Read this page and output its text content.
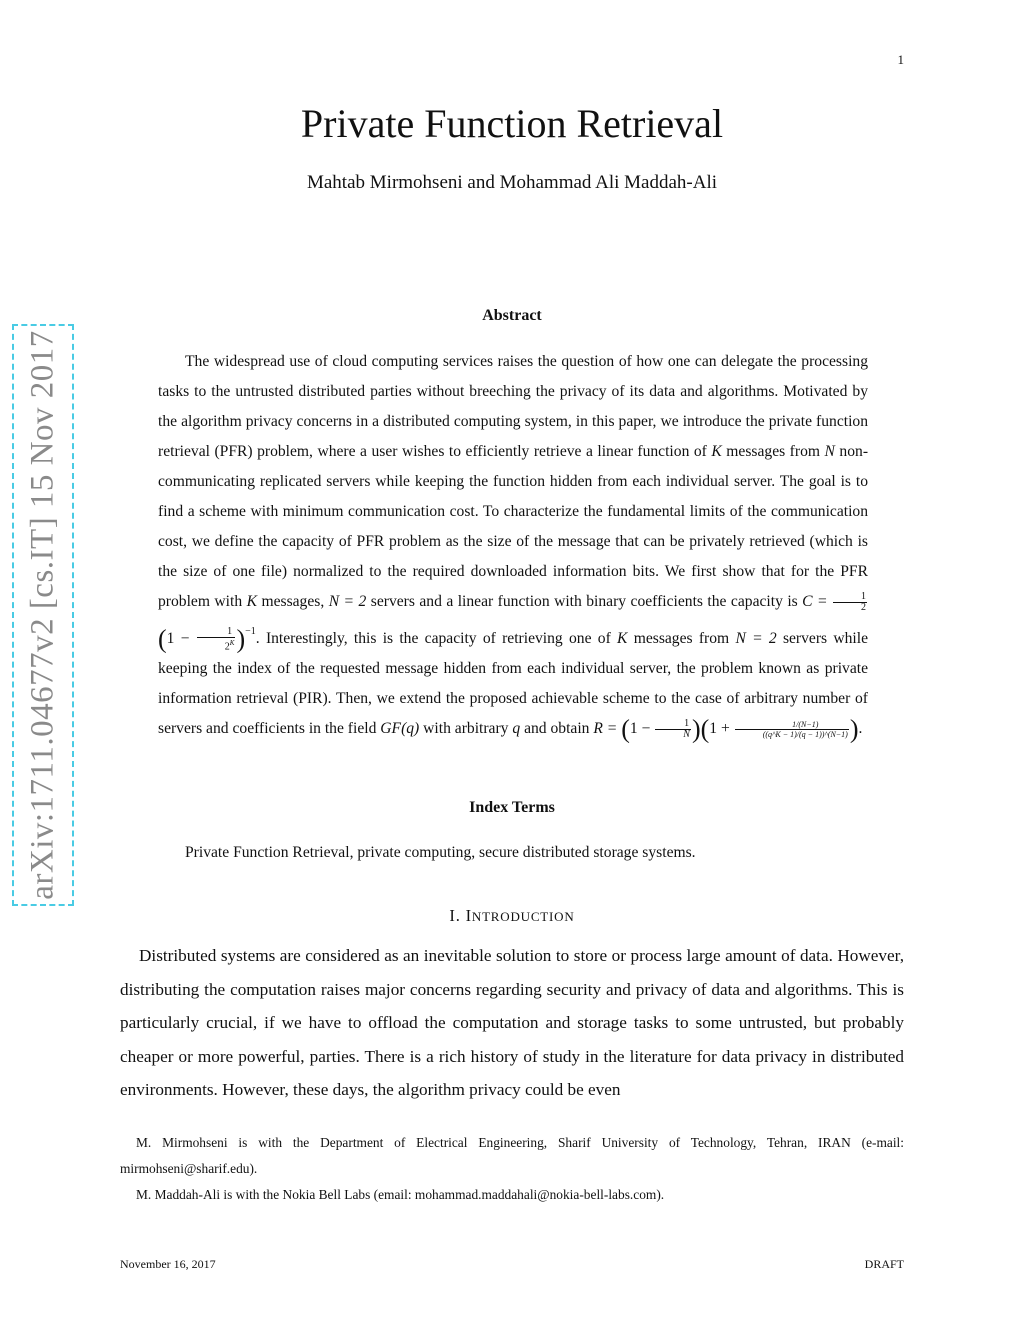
1
Private Function Retrieval
Mahtab Mirmohseni and Mohammad Ali Maddah-Ali
arXiv:1711.04677v2 [cs.IT] 15 Nov 2017
Abstract

The widespread use of cloud computing services raises the question of how one can delegate the processing tasks to the untrusted distributed parties without breeching the privacy of its data and algorithms. Motivated by the algorithm privacy concerns in a distributed computing system, in this paper, we introduce the private function retrieval (PFR) problem, where a user wishes to efficiently retrieve a linear function of K messages from N non-communicating replicated servers while keeping the function hidden from each individual server. The goal is to find a scheme with minimum communication cost. To characterize the fundamental limits of the communication cost, we define the capacity of PFR problem as the size of the message that can be privately retrieved (which is the size of one file) normalized to the required downloaded information bits. We first show that for the PFR problem with K messages, N = 2 servers and a linear function with binary coefficients the capacity is $C = \frac{1}{2}$
$(1 - \frac{1}{2^K} )^{-1}$. Interestingly, this is the capacity of retrieving one of K messages from N = 2 servers while keeping the index of the requested message hidden from each individual server, the problem known as private information retrieval (PIR). Then, we extend the proposed achievable scheme to the case of arbitrary number of servers and coefficients in the field GF(q) with arbitrary q and obtain $R = (1 - \frac{1}{N} )(1 + \frac{1/(N-1)}{((q\^{}K - 1)/(q - 1))\^{}(N-1)}$ ).

Index Terms
Private Function Retrieval, private computing, secure distributed storage systems.
I. INTRODUCTION

Distributed systems are considered as an inevitable solution to store or process large amount of data. However, distributing the computation raises major concerns regarding security and privacy of data and algorithms. This is particularly crucial, if we have to offload the computation and storage tasks to some untrusted, but probably cheaper or more powerful, parties. There is a rich history of study in the literature for data privacy in distributed environments. However, these days, the algorithm privacy could be even

M. Mirmohseni is with the Department of Electrical Engineering, Sharif University of Technology, Tehran, IRAN (e-mail: mirmohseni@sharif.edu).

M. Maddah-Ali is with the Nokia Bell Labs (email: mohammad.maddahali@nokia-bell-labs.com).

November 16, 2017	DRAFT
